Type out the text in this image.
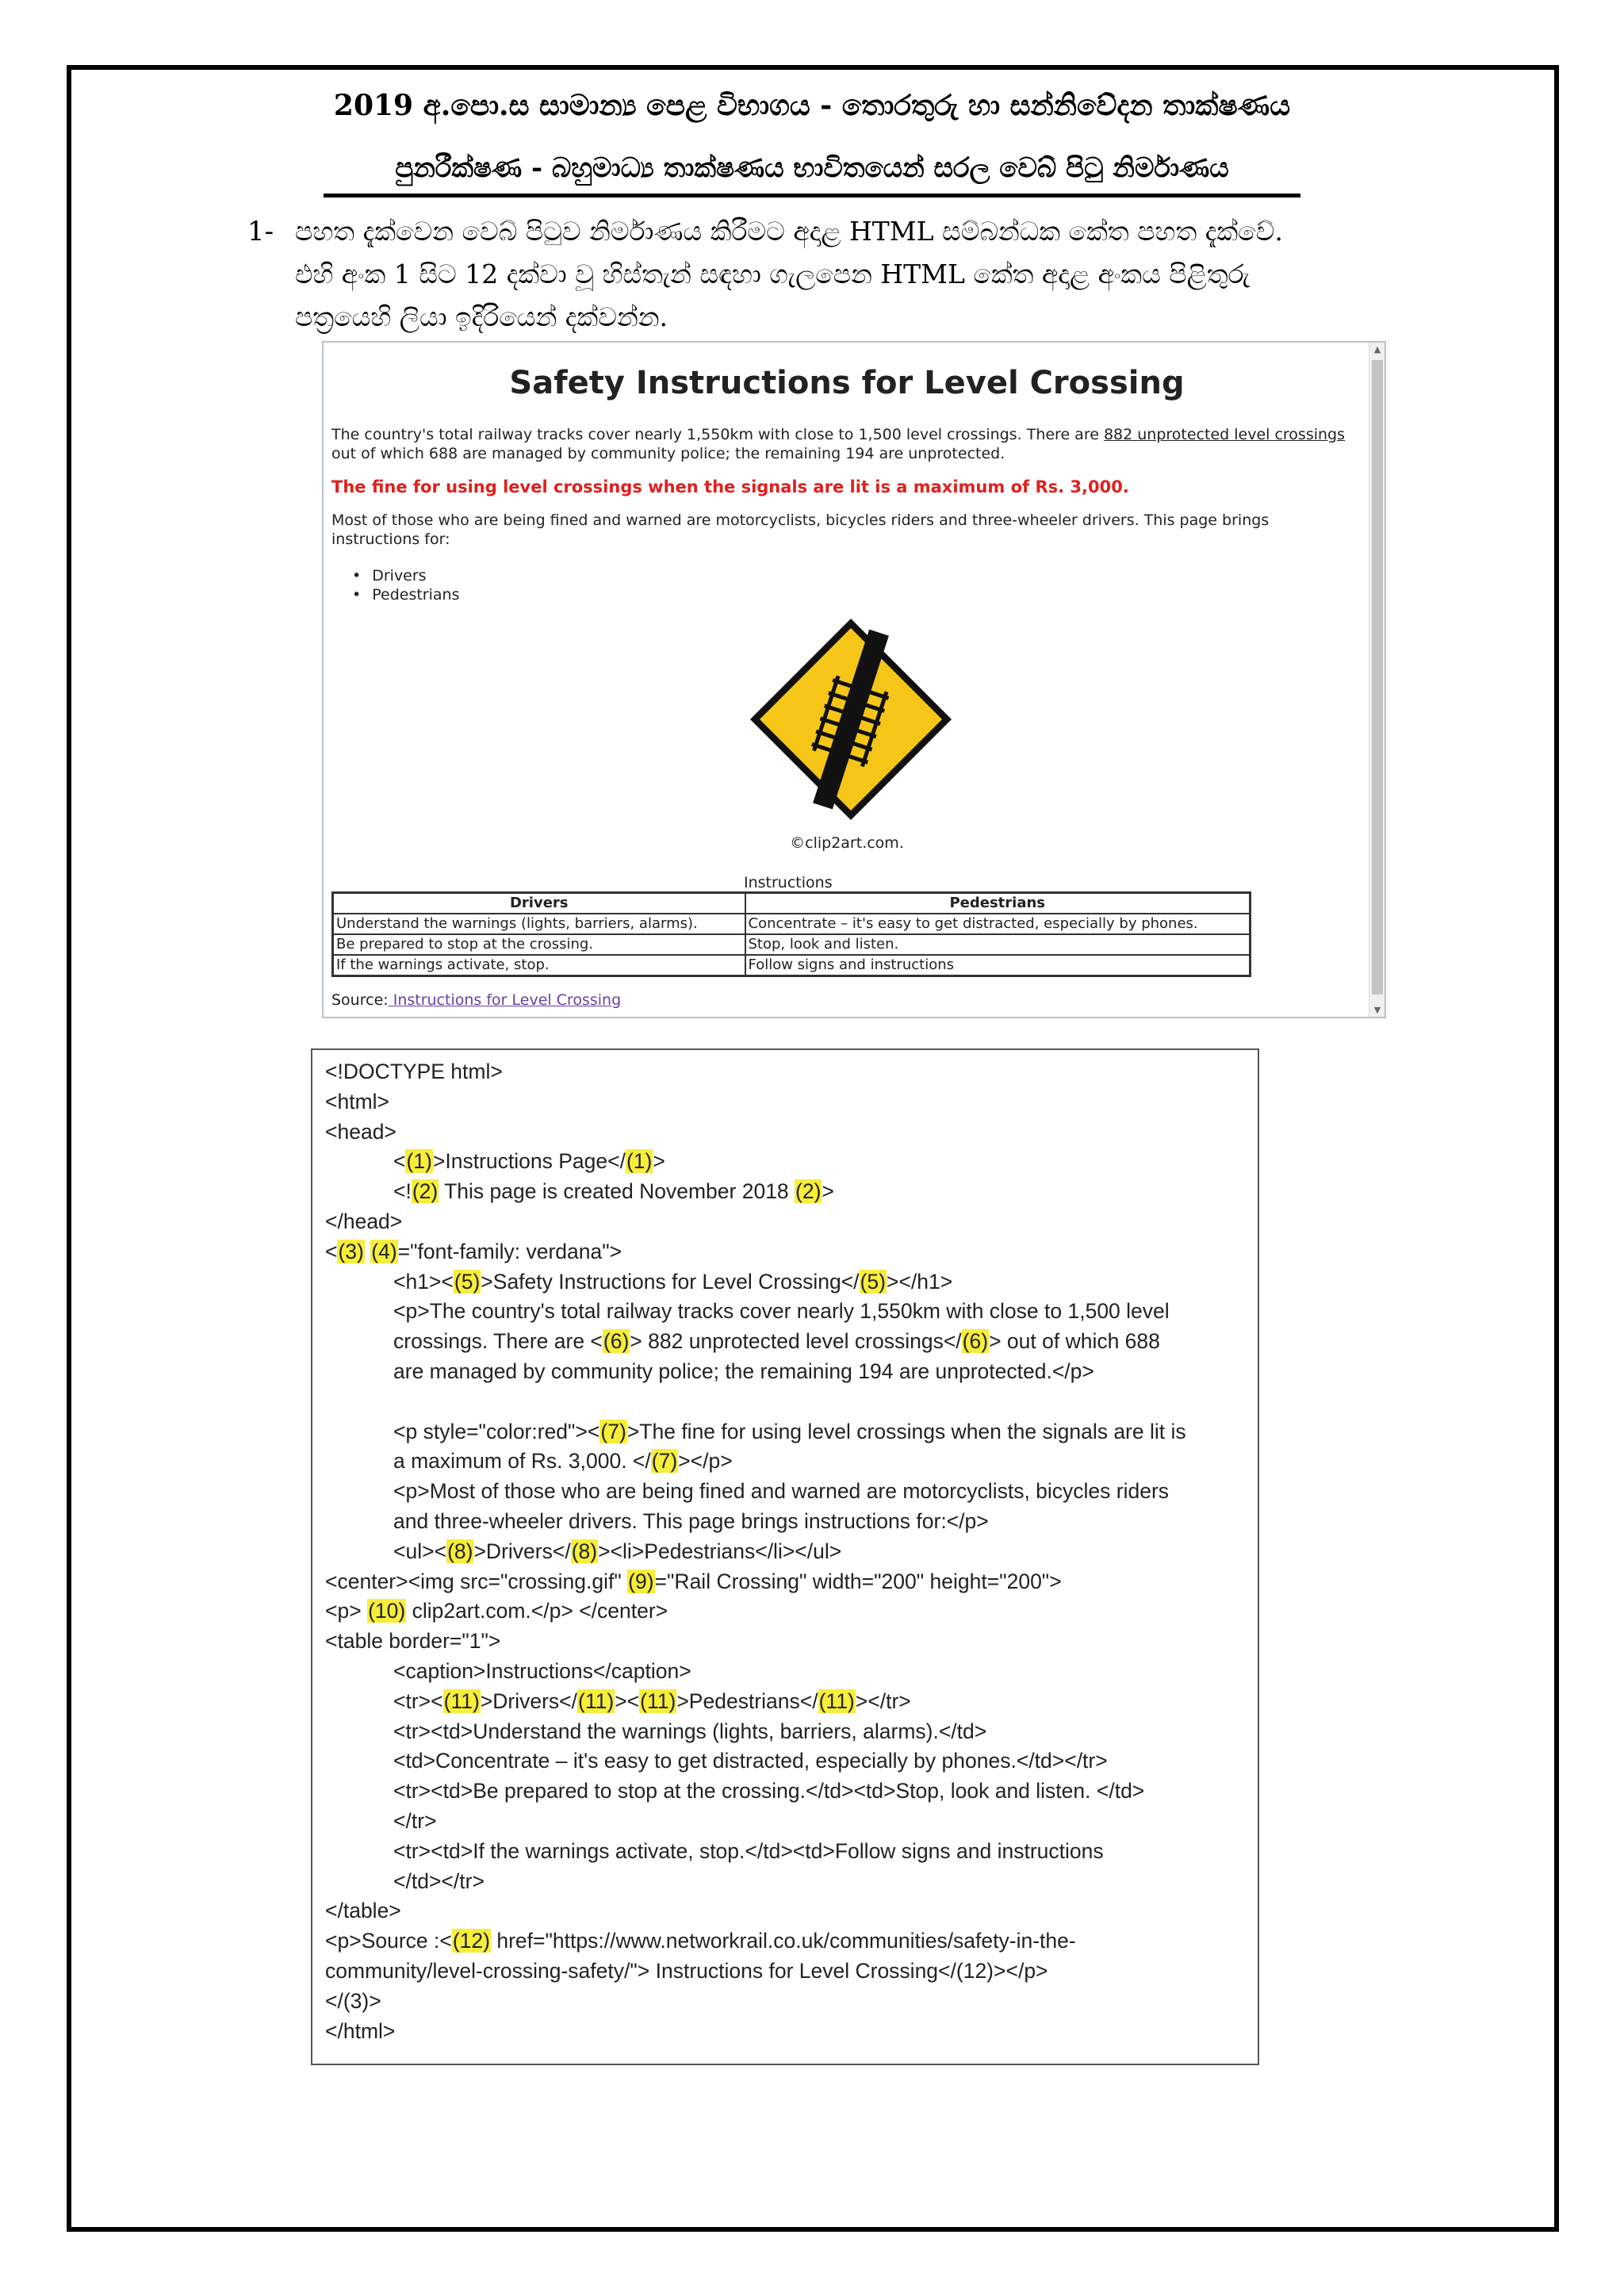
2019 අ.පො.ස සාමාන්‍ය පෙළ විභාගය - තොරතුරු හා සන්නිවේදන තාක්ෂණය
පුනරීක්ෂණ - බහුමාධ්‍ය තාක්ෂණය භාවිතයෙන් සරල වෙබ් පිටු නිර්මාණය
1- පහත දැක්වෙන වෙබ් පිටුව නිර්මාණය කිරීමට අදාළ HTML සම්බන්ධක කේත පහත දැක්වේ.
එහි අංක 1 සිට 12 දක්වා වූ හිස්තැන් සඳහා ගැලපෙන HTML කේත අදාළ අංකය පිළිතුරු
පත්‍රයෙහි ලියා ඉදිරියෙන් දක්වන්න.
▲
▼
Safety Instructions for Level Crossing
The country's total railway tracks cover nearly 1,550km with close to 1,500 level crossings. There are 882 unprotected level crossings out of which 688 are managed by community police; the remaining 194 are unprotected.
The fine for using level crossings when the signals are lit is a maximum of Rs. 3,000.
Most of those who are being fined and warned are motorcyclists, bicycles riders and three-wheeler drivers. This page brings instructions for:
• Drivers
• Pedestrians
©clip2art.com.
Instructions
Drivers	Pedestrians
Understand the warnings (lights, barriers, alarms).	Concentrate – it's easy to get distracted, especially by phones.
Be prepared to stop at the crossing.	Stop, look and listen.
If the warnings activate, stop.	Follow signs and instructions
Source: Instructions for Level Crossing
<!DOCTYPE html>
<html>
<head>
<(1)>Instructions Page</(1)>
<!(2) This page is created November 2018 (2)>
</head>
<(3) (4)="font-family: verdana">
<h1><(5)>Safety Instructions for Level Crossing</(5)></h1>
<p>The country's total railway tracks cover nearly 1,550km with close to 1,500 level
crossings. There are <(6)> 882 unprotected level crossings</(6)> out of which 688
are managed by community police; the remaining 194 are unprotected.</p>
<p style="color:red"><(7)>The fine for using level crossings when the signals are lit is
a maximum of Rs. 3,000. </(7)></p>
<p>Most of those who are being fined and warned are motorcyclists, bicycles riders
and three-wheeler drivers. This page brings instructions for:</p>
<ul><(8)>Drivers</(8)><li>Pedestrians</li></ul>
<center><img src="crossing.gif" (9)="Rail Crossing" width="200" height="200">
<p> (10) clip2art.com.</p> </center>
<table border="1">
<caption>Instructions</caption>
<tr><(11)>Drivers</(11)><(11)>Pedestrians</(11)></tr>
<tr><td>Understand the warnings (lights, barriers, alarms).</td>
<td>Concentrate – it's easy to get distracted, especially by phones.</td></tr>
<tr><td>Be prepared to stop at the crossing.</td><td>Stop, look and listen. </td>
</tr>
<tr><td>If the warnings activate, stop.</td><td>Follow signs and instructions
</td></tr>
</table>
<p>Source :<(12) href="https://www.networkrail.co.uk/communities/safety-in-the-
community/level-crossing-safety/"> Instructions for Level Crossing</(12)></p>
</(3)>
</html>
